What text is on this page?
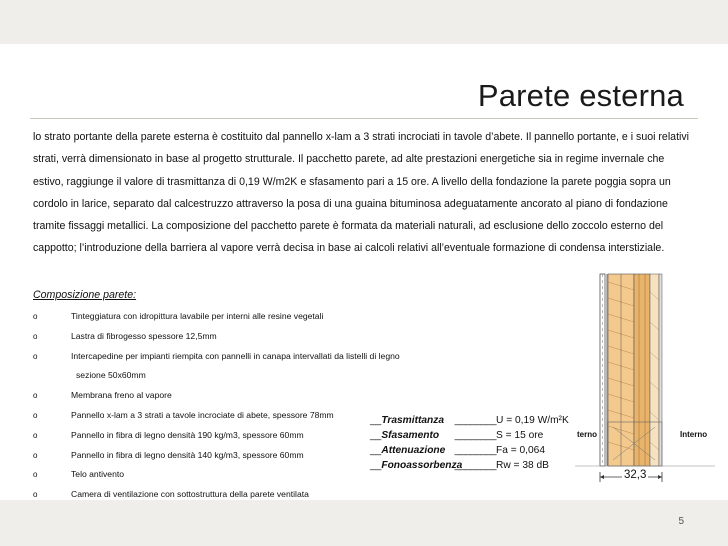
Parete esterna
lo strato portante della parete esterna è costituito dal pannello x-lam a 3 strati incrociati in tavole d’abete. Il pannello portante, e i suoi relativi strati, verrà dimensionato in base al progetto strutturale. Il pacchetto parete, ad alte prestazioni energetiche sia in regime invernale che estivo, raggiunge il valore di trasmittanza di 0,19 W/m2K e sfasamento pari a 15 ore. A livello della fondazione la parete poggia sopra un cordolo in larice, separato dal calcestruzzo attraverso la posa di una guaina bituminosa adeguatamente ancorato al piano di fondazione tramite fissaggi metallici. La composizione del pacchetto parete è formata da materiali naturali, ad esclusione dello zoccolo esterno del cappotto; l’introduzione della barriera al vapore verrà decisa in base ai calcoli relativi all’eventuale formazione di condensa interstiziale.
Composizione parete:
o	Tinteggiatura con idropittura lavabile per interni alle resine vegetali
o	Lastra di fibrogesso spessore 12,5mm
o	Intercapedine per impianti riempita con pannelli in canapa intervallati da listelli di legno
sezione 50x60mm
o	Membrana freno al vapore
o	Pannello x-lam a 3 strati a tavole incrociate di abete, spessore 78mm
o	Pannello in fibra di legno densità 190 kg/m3, spessore 60mm
o	Pannello in fibra di legno densità 140 kg/m3, spessore 60mm
o	Telo antivento
o	Camera di ventilazione con sottostruttura della parete ventilata
terno	Interno
32,3
__ Trasmittanza	________ U = 0,19 W/m²K
__ Sfasamento	________ S = 15 ore
__ Attenuazione	________ Fa = 0,064
__ Fonoassorbenza	________ Rw = 38 dB
5
